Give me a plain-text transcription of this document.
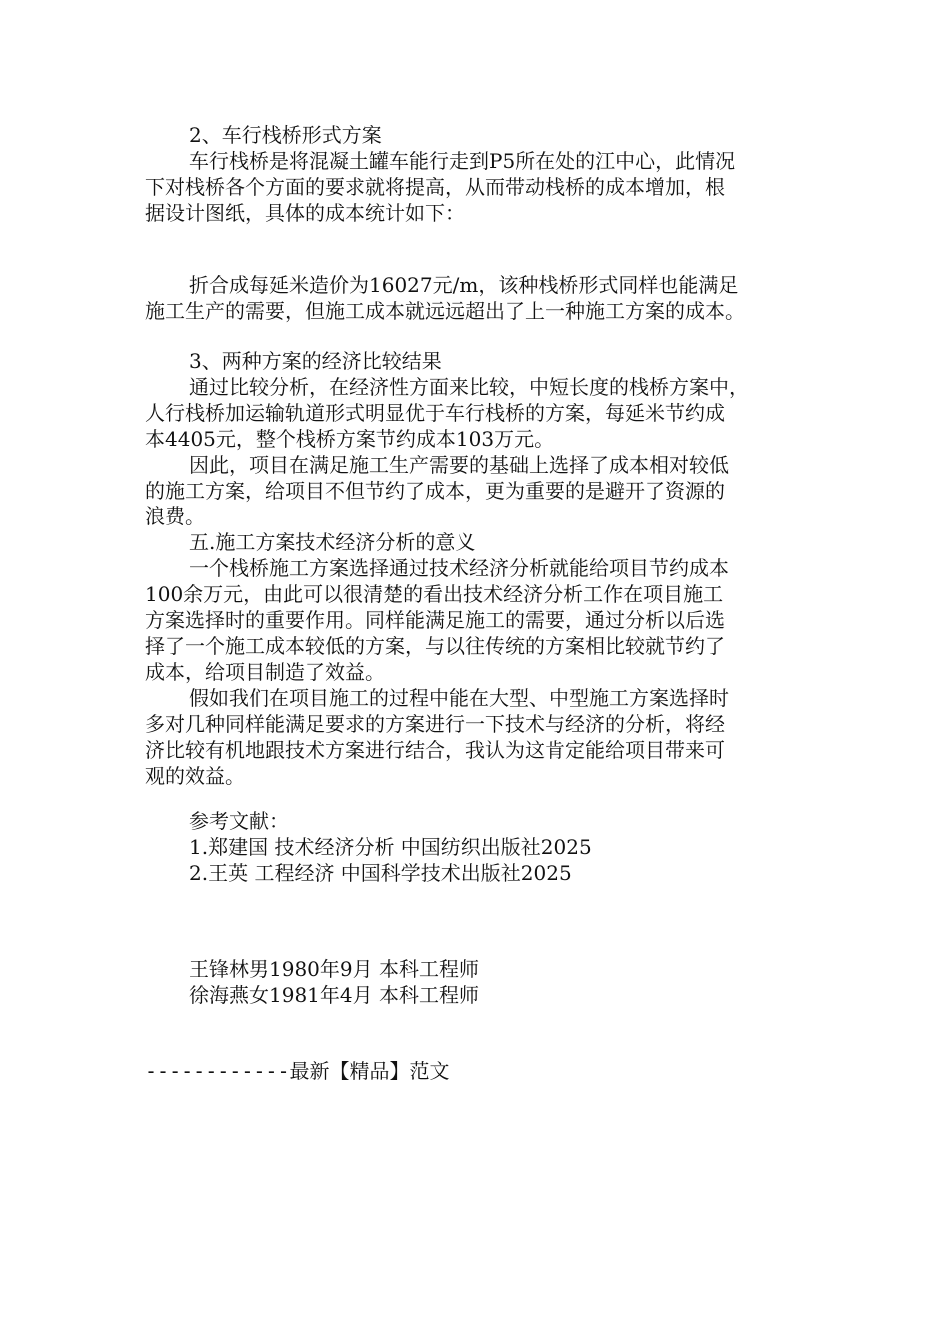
2、车行栈桥形式方案
车行栈桥是将混凝土罐车能行走到P5所在处的江中心，此情况
下对栈桥各个方面的要求就将提高，从而带动栈桥的成本增加，根
据设计图纸，具体的成本统计如下：
折合成每延米造价为16027元/m，该种栈桥形式同样也能满足
施工生产的需要，但施工成本就远远超出了上一种施工方案的成本。
3、两种方案的经济比较结果
通过比较分析，在经济性方面来比较，中短长度的栈桥方案中，
人行栈桥加运输轨道形式明显优于车行栈桥的方案，每延米节约成
本4405元，整个栈桥方案节约成本103万元。
因此，项目在满足施工生产需要的基础上选择了成本相对较低
的施工方案，给项目不但节约了成本，更为重要的是避开了资源的
浪费。
五.施工方案技术经济分析的意义
一个栈桥施工方案选择通过技术经济分析就能给项目节约成本
100余万元，由此可以很清楚的看出技术经济分析工作在项目施工
方案选择时的重要作用。同样能满足施工的需要，通过分析以后选
择了一个施工成本较低的方案，与以往传统的方案相比较就节约了
成本，给项目制造了效益。
假如我们在项目施工的过程中能在大型、中型施工方案选择时
多对几种同样能满足要求的方案进行一下技术与经济的分析，将经
济比较有机地跟技术方案进行结合，我认为这肯定能给项目带来可
观的效益。
参考文献：
1.郑建国 技术经济分析 中国纺织出版社2025
2.王英 工程经济 中国科学技术出版社2025
王锋林男1980年9月 本科工程师
徐海燕女1981年4月 本科工程师
------------最新【精品】范文
